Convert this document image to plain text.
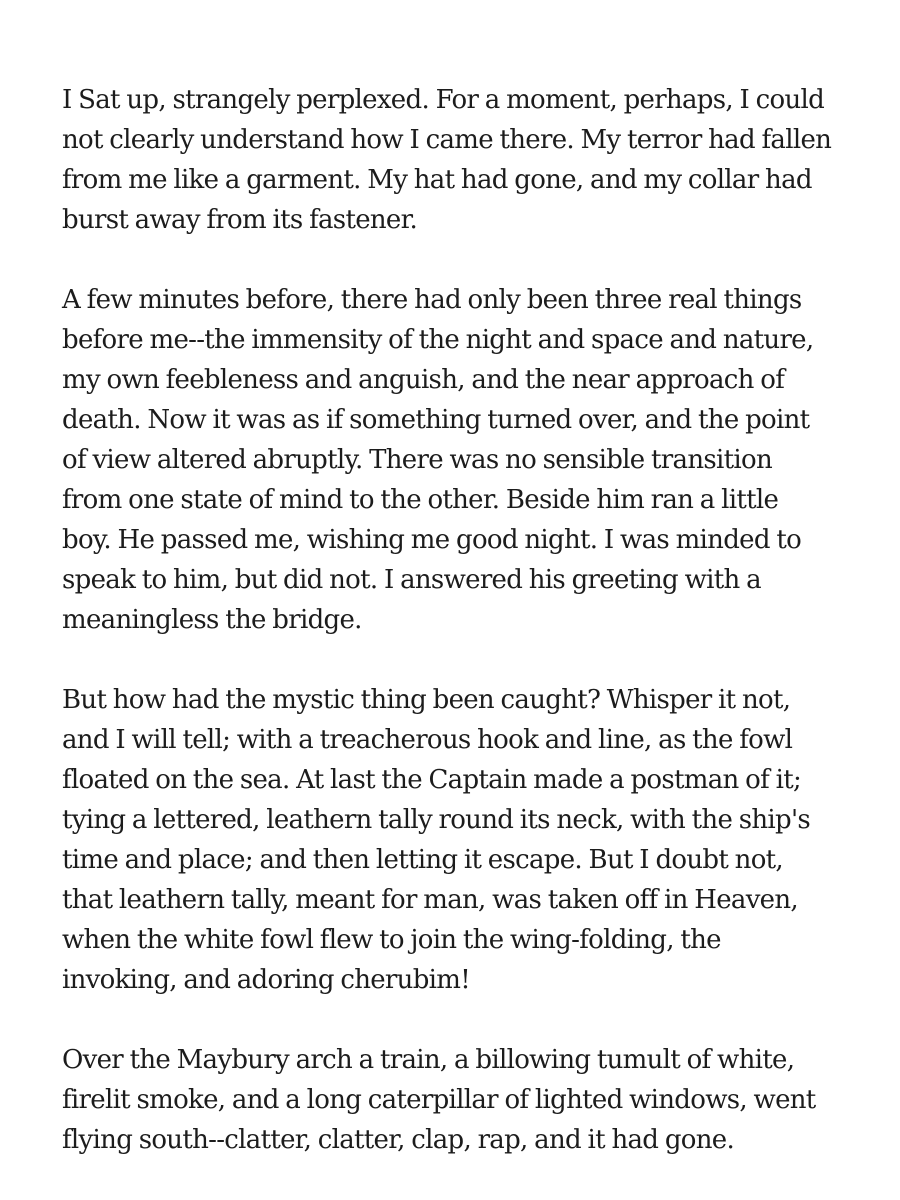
I Sat up, strangely perplexed. For a moment, perhaps, I could
not clearly understand how I came there. My terror had fallen
from me like a garment. My hat had gone, and my collar had
burst away from its fastener.

A few minutes before, there had only been three real things
before me--the immensity of the night and space and nature,
my own feebleness and anguish, and the near approach of
death. Now it was as if something turned over, and the point
of view altered abruptly. There was no sensible transition
from one state of mind to the other. Beside him ran a little
boy. He passed me, wishing me good night. I was minded to
speak to him, but did not. I answered his greeting with a
meaningless the bridge.

But how had the mystic thing been caught? Whisper it not,
and I will tell; with a treacherous hook and line, as the fowl
floated on the sea. At last the Captain made a postman of it;
tying a lettered, leathern tally round its neck, with the ship's
time and place; and then letting it escape. But I doubt not,
that leathern tally, meant for man, was taken off in Heaven,
when the white fowl flew to join the wing-folding, the
invoking, and adoring cherubim!

Over the Maybury arch a train, a billowing tumult of white,
firelit smoke, and a long caterpillar of lighted windows, went
flying south--clatter, clatter, clap, rap, and it had gone.
